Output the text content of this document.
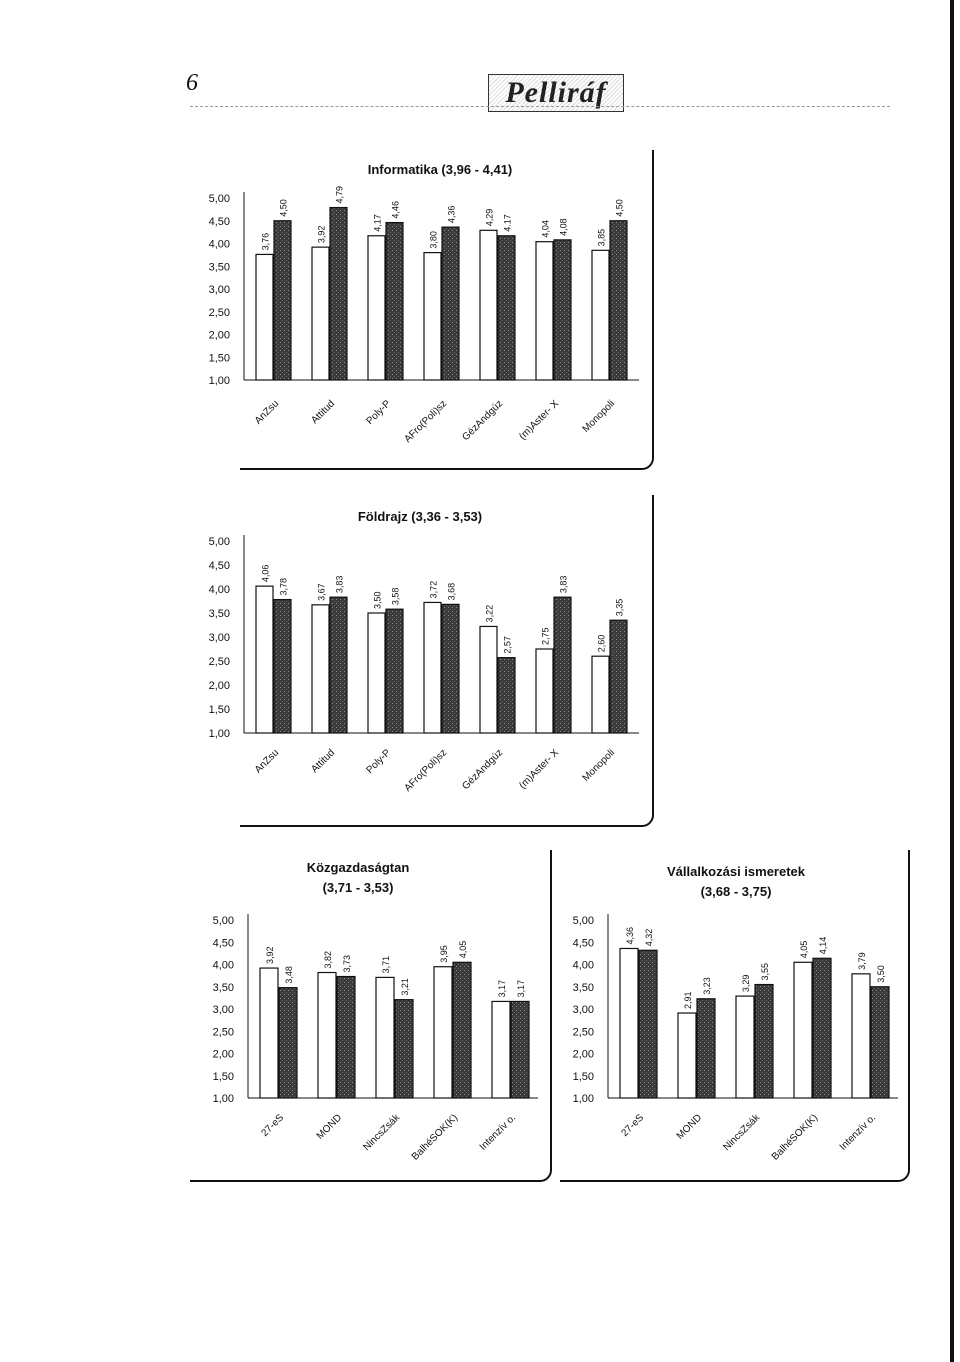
6	Pelliráf
Informatika (3,96 - 4,41)
5,00
4,50
4,00
3,50
3,00
2,50
2,00
1,50
1,00
3,76
4,50
AnZsu
3,92
4,79
Attitud
4,17
4,46
Poly-P
3,80
4,36
AFro(Poli)sz
4,29 4.17
GézAndgúz
4,04 4,08
(m)Aster- X
3,85
4,50
Monopoli
Földrajz (3,36 - 3,53)
5,00
4,50
4,00
3,50
3,00
2,50
2,00
1,50
1,00
4,06
3,78
AnZsu
3,67 3,83
Attitud
3,50 3,58
Poly-P
3,72 3,68
AFro(Poli)sz
3,22
2,57
GézAndgúz
2,75
3,83
(m)Aster- X
2,60
3,35
Monopoli
Közgazdaságtan
(3,71 - 3,53)
5,00
4,50
4,00
3,50
3,00
2,50
2,00
1,50
1,00
3,92
3,48
27-eS
3,82 3,73
MOND
3,71
3,21
NincsZsák
3,95 4,05
BalhéSOK(K)
3,17 3,17
Intenzív o.
Vállalkozási ismeretek
(3,68 - 3,75)
5,00
4,50
4,00
3,50
3,00
2,50
2,00
1,50
1,00
4,36 4,32
27-eS
2,91
3,23
MOND
3,29
3,55
NincsZsák
4,05 4,14
BalhéSOK(K)
3,79
3,50
Intenzív o.
